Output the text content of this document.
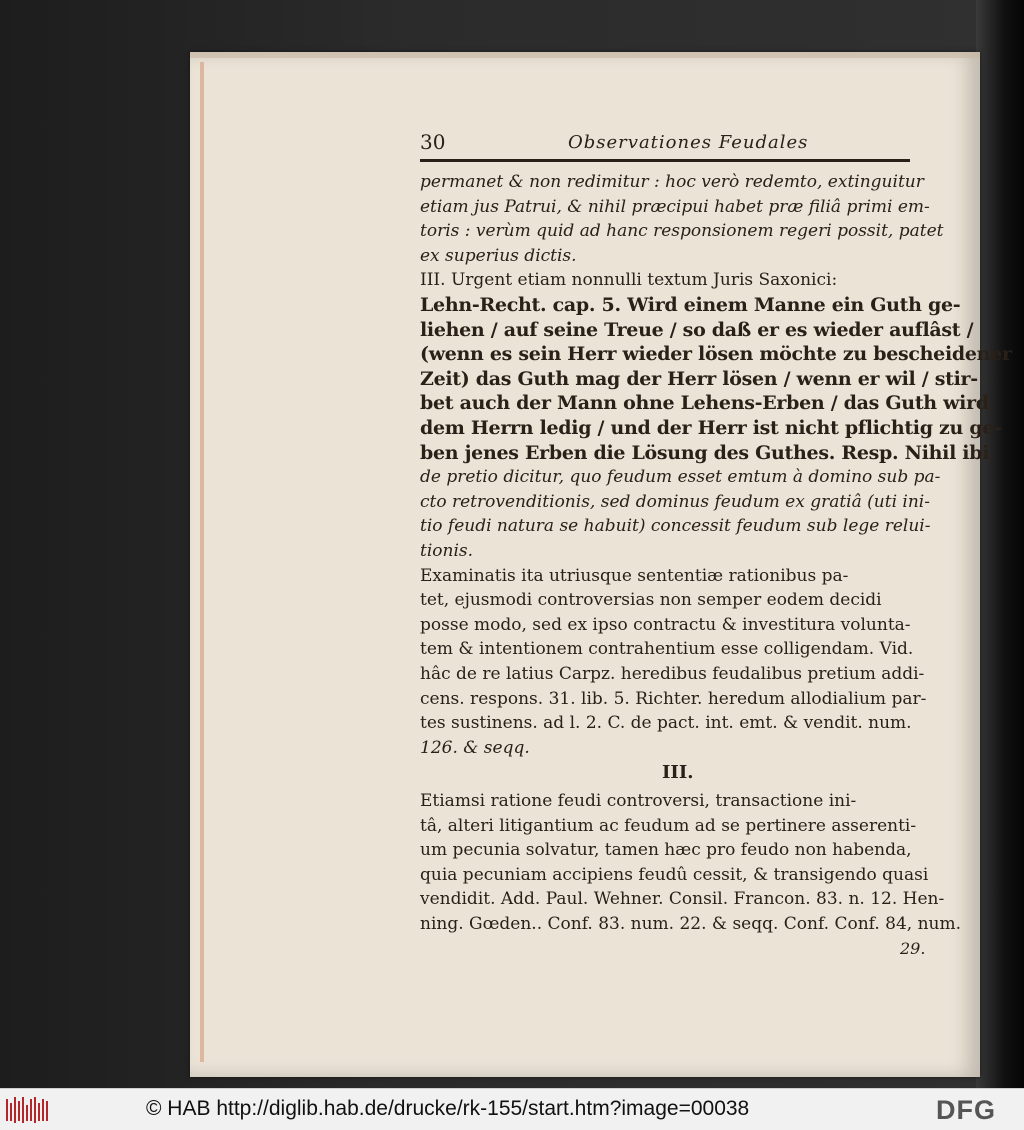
30	Observationes Feudales
permanet & non redimitur : hoc verò redemto, extinguitur
etiam jus Patrui, & nihil præcipui habet præ filiâ primi em-
toris : verùm quid ad hanc responsionem regeri possit, patet
ex superius dictis.
III. Urgent etiam nonnulli textum Juris Saxonici:
Lehn-Recht. cap. 5. Wird einem Manne ein Guth ge-
liehen / auf seine Treue / so daß er es wieder auflâst /
(wenn es sein Herr wieder lösen möchte zu bescheidener
Zeit) das Guth mag der Herr lösen / wenn er wil / stir-
bet auch der Mann ohne Lehens-Erben / das Guth wird
dem Herrn ledig / und der Herr ist nicht pflichtig zu ge-
ben jenes Erben die Lösung des Guthes. Resp. Nihil ibi
de pretio dicitur, quo feudum esset emtum à domino sub pa-
cto retrovenditionis, sed dominus feudum ex gratiâ (uti ini-
tio feudi natura se habuit) concessit feudum sub lege relui-
tionis.
Examinatis ita utriusque sententiæ rationibus pa-
tet, ejusmodi controversias non semper eodem decidi
posse modo, sed ex ipso contractu & investitura volunta-
tem & intentionem contrahentium esse colligendam. Vid.
hâc de re latius Carpz. heredibus feudalibus pretium addi-
cens. respons. 31. lib. 5. Richter. heredum allodialium par-
tes sustinens. ad l. 2. C. de pact. int. emt. & vendit. num.
126. & seqq.
III.
Etiamsi ratione feudi controversi, transactione ini-
tâ, alteri litigantium ac feudum ad se pertinere asserenti-
um pecunia solvatur, tamen hæc pro feudo non habenda,
quia pecuniam accipiens feudû cessit, & transigendo quasi
vendidit. Add. Paul. Wehner. Consil. Francon. 83. n. 12. Hen-
ning. Gœden.. Conf. 83. num. 22. & seqq. Conf. Conf. 84, num.
29.
© HAB http://diglib.hab.de/drucke/rk-155/start.htm?image=00038	DFG
